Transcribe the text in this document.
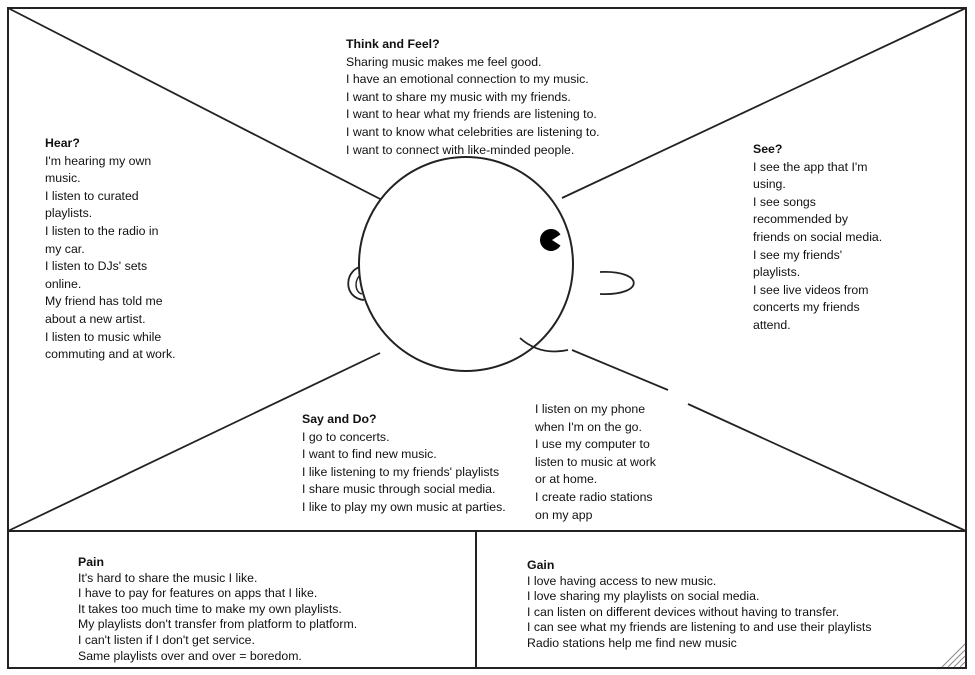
Think and Feel?
Sharing music makes me feel good.
I have an emotional connection to my music.
I want to share my music with my friends.
I want to hear what my friends are listening to.
I want to know what celebrities are listening to.
I want to connect with like-minded people.
Hear?
I'm hearing my own
music.
I listen to curated
playlists.
I listen to the radio in
my car.
I listen to DJs' sets
online.
My friend has told me
about a new artist.
I listen to music while
commuting and at work.
See?
I see the app that I'm
using.
I see songs
recommended by
friends on social media.
I see my friends'
playlists.
I see live videos from
concerts my friends
attend.
Say and Do?
I go to concerts.
I want to find new music.
I like listening to my friends' playlists
I share music through social media.
I like to play my own music at parties.
I listen on my phone
when I'm on the go.
I use my computer to
listen to music at work
or at home.
I create radio stations
on my app
Pain
It's hard to share the music I like.
I have to pay for features on apps that I like.
It takes too much time to make my own playlists.
My playlists don't transfer from platform to platform.
I can't listen if I don't get service.
Same playlists over and over = boredom.
Gain
I love having access to new music.
I love sharing my playlists on social media.
I can listen on different devices without having to transfer.
I can see what my friends are listening to and use their playlists
Radio stations help me find new music
